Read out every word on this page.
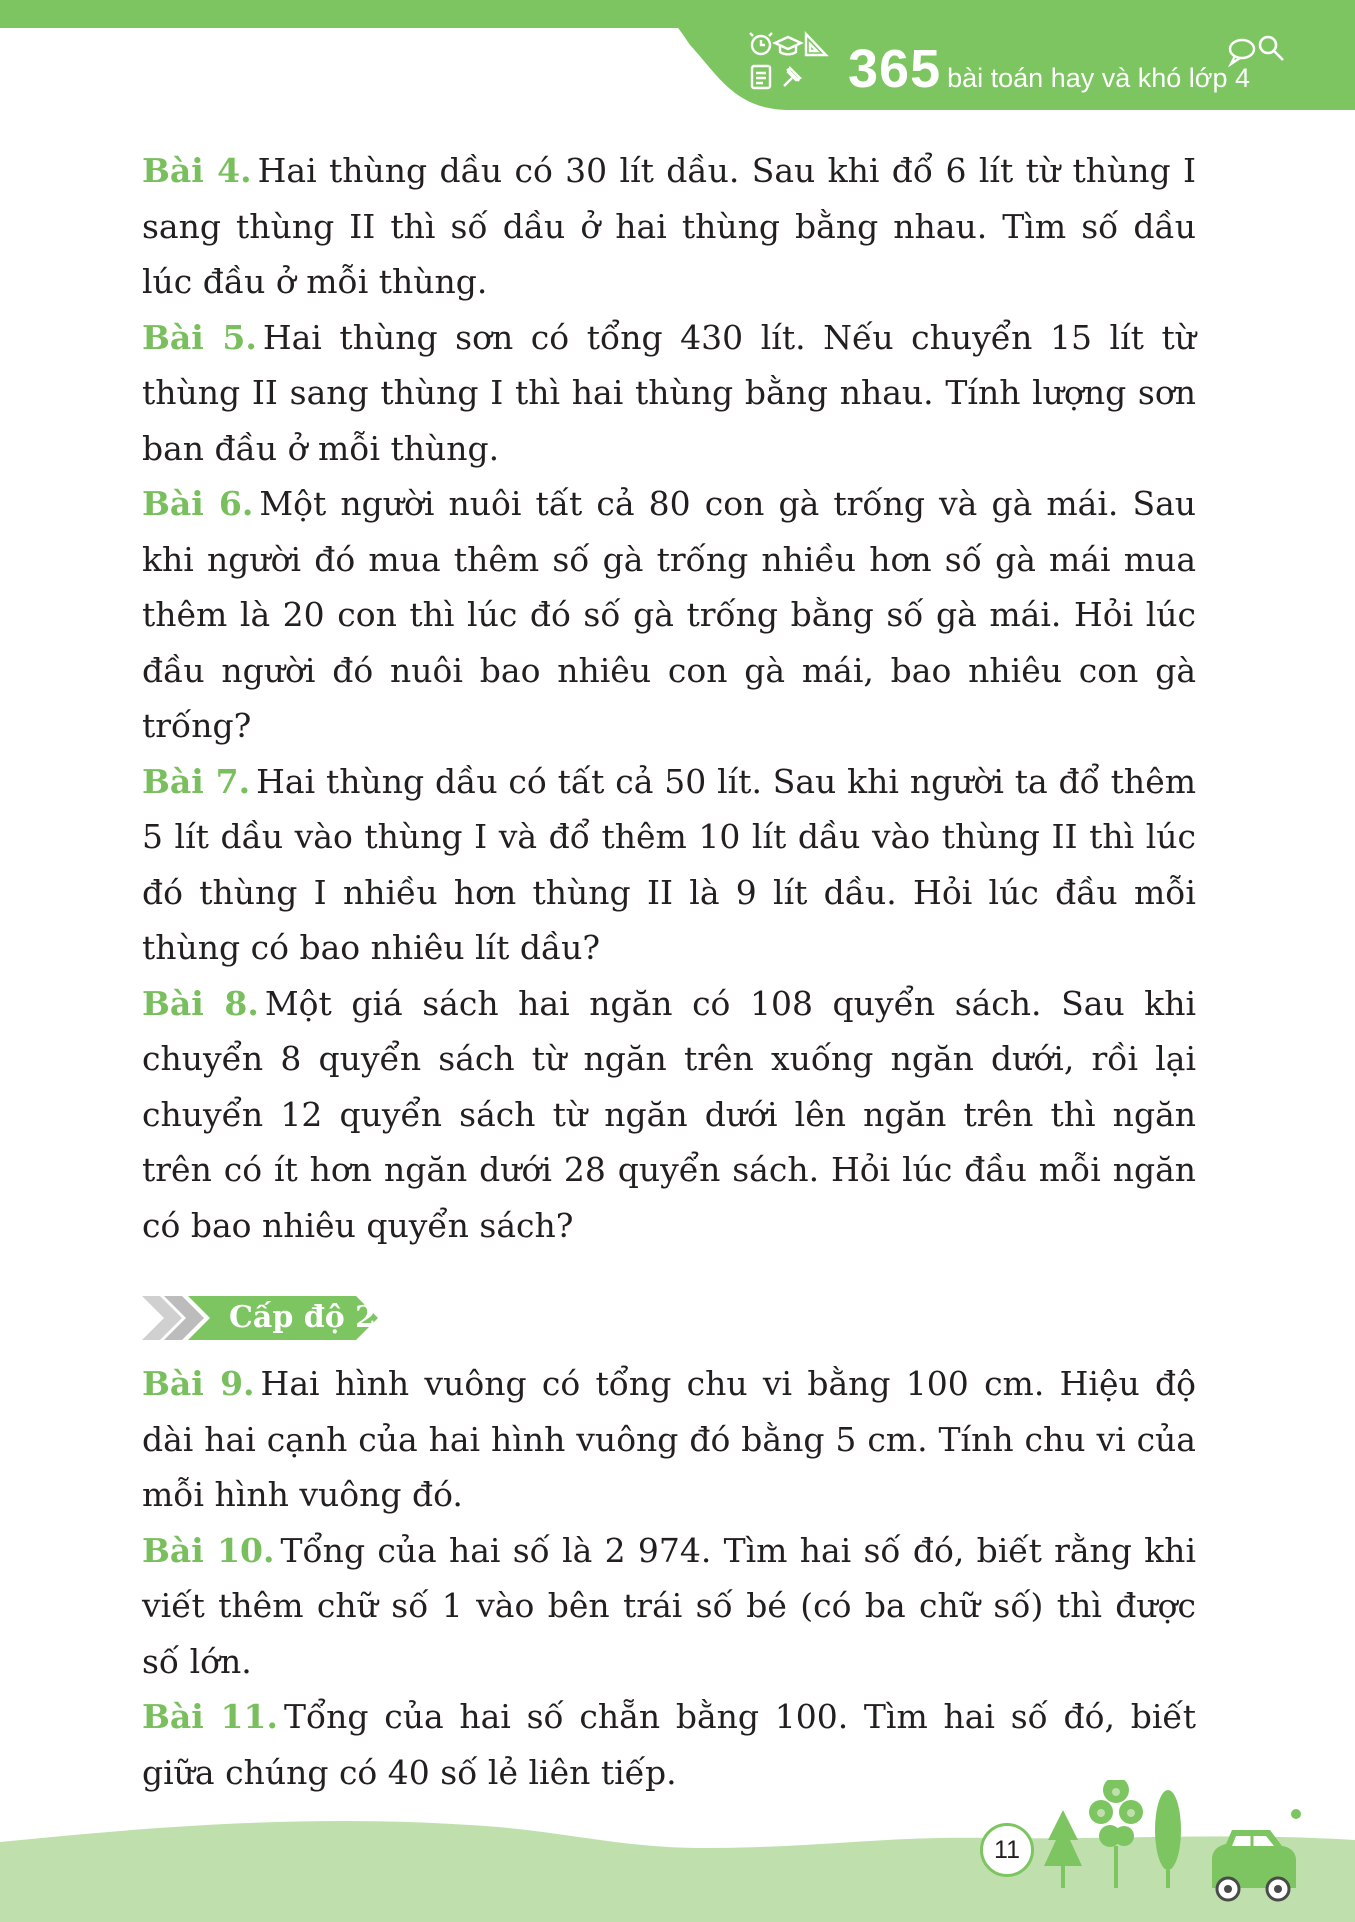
365 bài toán hay và khó lớp 4

Bài 4. Hai thùng dầu có 30 lít dầu. Sau khi đổ 6 lít từ thùng I sang thùng II thì số dầu ở hai thùng bằng nhau. Tìm số dầu lúc đầu ở mỗi thùng.

Bài 5. Hai thùng sơn có tổng 430 lít. Nếu chuyển 15 lít từ thùng II sang thùng I thì hai thùng bằng nhau. Tính lượng sơn ban đầu ở mỗi thùng.

Bài 6. Một người nuôi tất cả 80 con gà trống và gà mái. Sau khi người đó mua thêm số gà trống nhiều hơn số gà mái mua thêm là 20 con thì lúc đó số gà trống bằng số gà mái. Hỏi lúc đầu người đó nuôi bao nhiêu con gà mái, bao nhiêu con gà trống?

Bài 7. Hai thùng dầu có tất cả 50 lít. Sau khi người ta đổ thêm 5 lít dầu vào thùng I và đổ thêm 10 lít dầu vào thùng II thì lúc đó thùng I nhiều hơn thùng II là 9 lít dầu. Hỏi lúc đầu mỗi thùng có bao nhiêu lít dầu?

Bài 8. Một giá sách hai ngăn có 108 quyển sách. Sau khi chuyển 8 quyển sách từ ngăn trên xuống ngăn dưới, rồi lại chuyển 12 quyển sách từ ngăn dưới lên ngăn trên thì ngăn trên có ít hơn ngăn dưới 28 quyển sách. Hỏi lúc đầu mỗi ngăn có bao nhiêu quyển sách?

Cấp độ 2

Bài 9. Hai hình vuông có tổng chu vi bằng 100 cm. Hiệu độ dài hai cạnh của hai hình vuông đó bằng 5 cm. Tính chu vi của mỗi hình vuông đó.

Bài 10. Tổng của hai số là 2 974. Tìm hai số đó, biết rằng khi viết thêm chữ số 1 vào bên trái số bé (có ba chữ số) thì được số lớn.

Bài 11. Tổng của hai số chẵn bằng 100. Tìm hai số đó, biết giữa chúng có 40 số lẻ liên tiếp.

11
